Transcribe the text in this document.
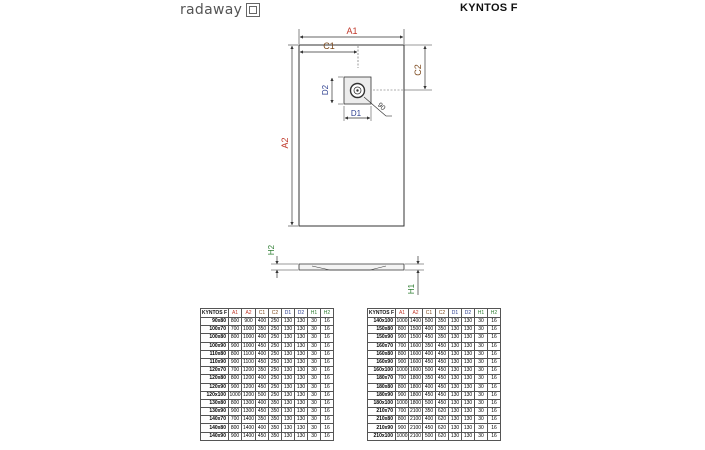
radaway	KYNTOS F
A1
C1
C2
A2
D2
D1
90
H2
H1
KYNTOS F	A1	A2	C1	C2	D1	D2	H1	H2
90x80	800	900	400	250	130	130	30	16
100x70	700	1000	350	250	130	130	30	16
100x80	800	1000	400	250	130	130	30	16
100x90	900	1000	450	250	130	130	30	16
110x80	800	1100	400	250	130	130	30	16
110x90	900	1100	450	250	130	130	30	16
120x70	700	1200	350	250	130	130	30	16
120x80	800	1200	400	250	130	130	30	16
120x90	900	1200	450	250	130	130	30	16
120x100	1000	1200	500	250	130	130	30	16
130x80	800	1300	400	350	130	130	30	16
130x90	900	1300	450	350	130	130	30	16
140x70	700	1400	350	350	130	130	30	16
140x80	800	1400	400	350	130	130	30	16
140x90	900	1400	450	350	130	130	30	16
KYNTOS F	A1	A2	C1	C2	D1	D2	H1	H2
140x100	1000	1400	500	350	130	130	30	16
150x80	800	1500	400	350	130	130	30	16
150x90	900	1500	450	350	130	130	30	16
160x70	700	1600	350	450	130	130	30	16
160x80	800	1600	400	450	130	130	30	16
160x90	900	1600	450	450	130	130	30	16
160x100	1000	1600	500	450	130	130	30	16
180x70	700	1800	350	450	130	130	30	16
180x80	800	1800	400	450	130	130	30	16
180x90	900	1800	450	450	130	130	30	16
180x100	1000	1800	500	450	130	130	30	16
210x70	700	2100	350	620	130	130	30	16
210x80	800	2100	400	620	130	130	30	16
210x90	900	2100	450	620	130	130	30	16
210x100	1000	2100	500	620	130	130	30	16
